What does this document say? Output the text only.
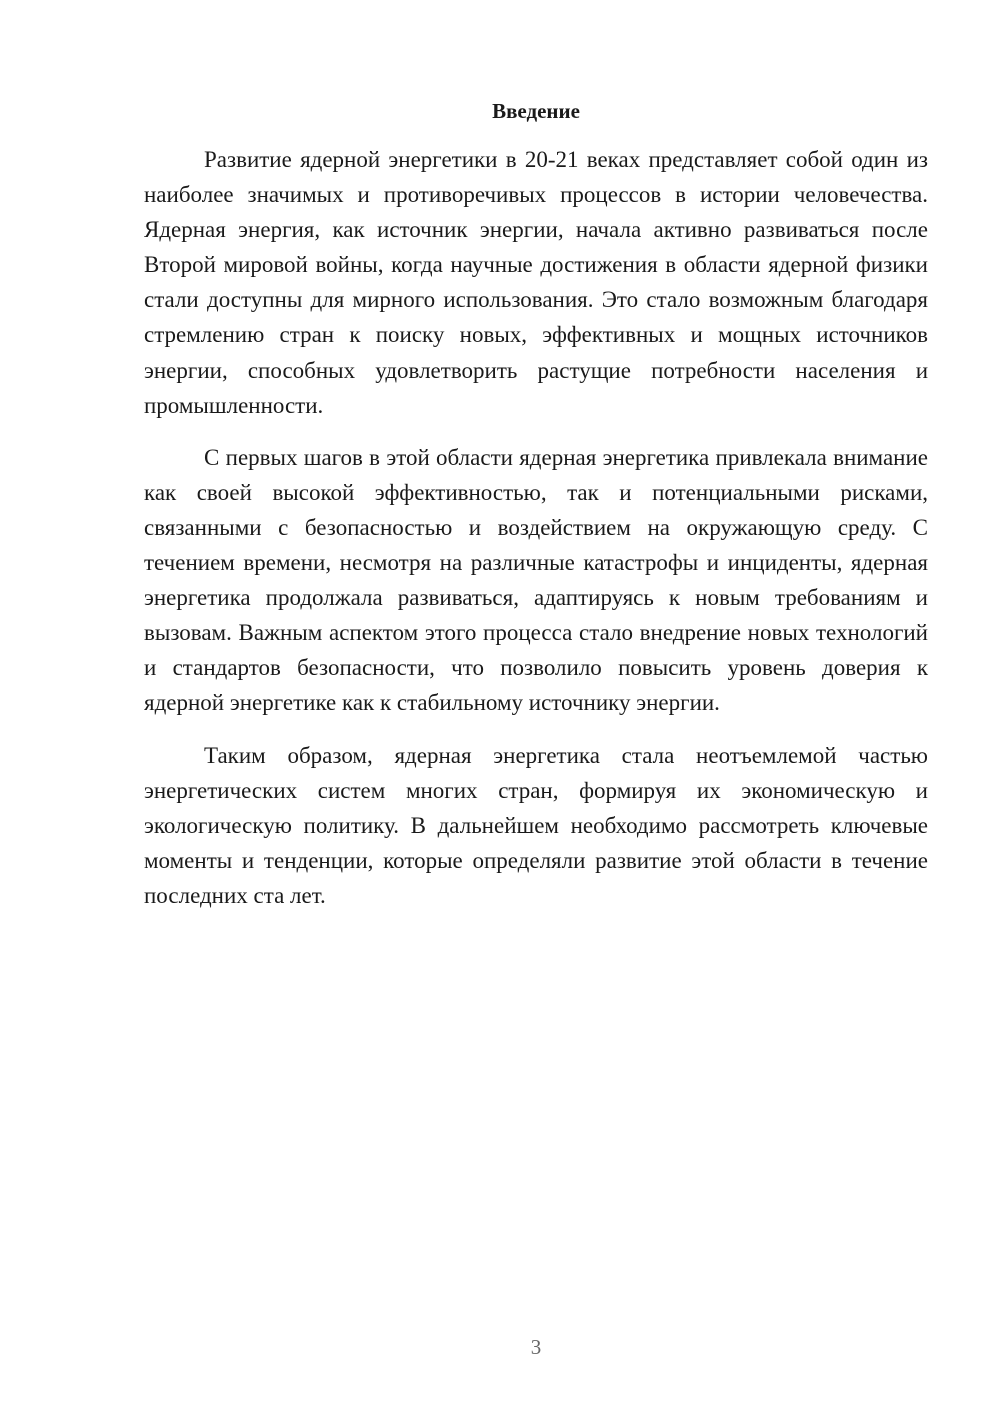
Введение

Развитие ядерной энергетики в 20-21 веках представляет собой один из наиболее значимых и противоречивых процессов в истории человечества. Ядерная энергия, как источник энергии, начала активно развиваться после Второй мировой войны, когда научные достижения в области ядерной физики стали доступны для мирного использования. Это стало возможным благодаря стремлению стран к поиску новых, эффективных и мощных источников энергии, способных удовлетворить растущие потребности населения и промышленности.

С первых шагов в этой области ядерная энергетика привлекала внимание как своей высокой эффективностью, так и потенциальными рисками, связанными с безопасностью и воздействием на окружающую среду. С течением времени, несмотря на различные катастрофы и инциденты, ядерная энергетика продолжала развиваться, адаптируясь к новым требованиям и вызовам. Важным аспектом этого процесса стало внедрение новых технологий и стандартов безопасности, что позволило повысить уровень доверия к ядерной энергетике как к стабильному источнику энергии.

Таким образом, ядерная энергетика стала неотъемлемой частью энергетических систем многих стран, формируя их экономическую и экологическую политику. В дальнейшем необходимо рассмотреть ключевые моменты и тенденции, которые определяли развитие этой области в течение последних ста лет.

3
